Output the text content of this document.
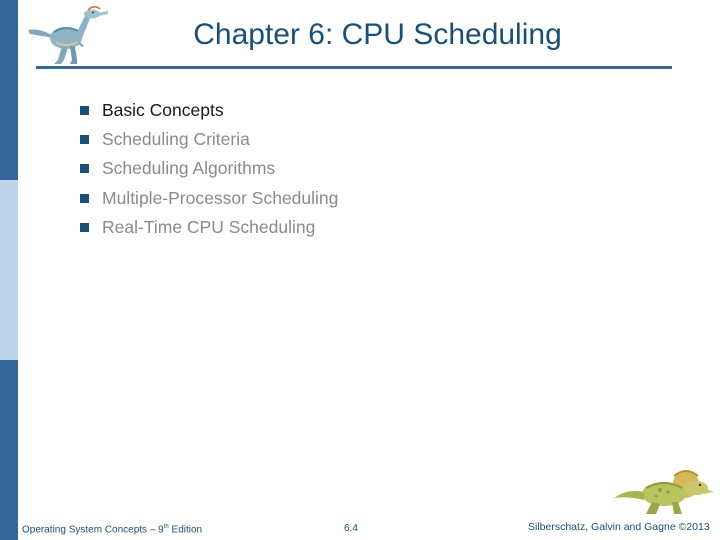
Chapter 6: CPU Scheduling
Basic Concepts
Scheduling Criteria
Scheduling Algorithms
Multiple-Processor Scheduling
Real-Time CPU Scheduling
Operating System Concepts – 9th Edition	6.4	Silberschatz, Galvin and Gagne ©2013
